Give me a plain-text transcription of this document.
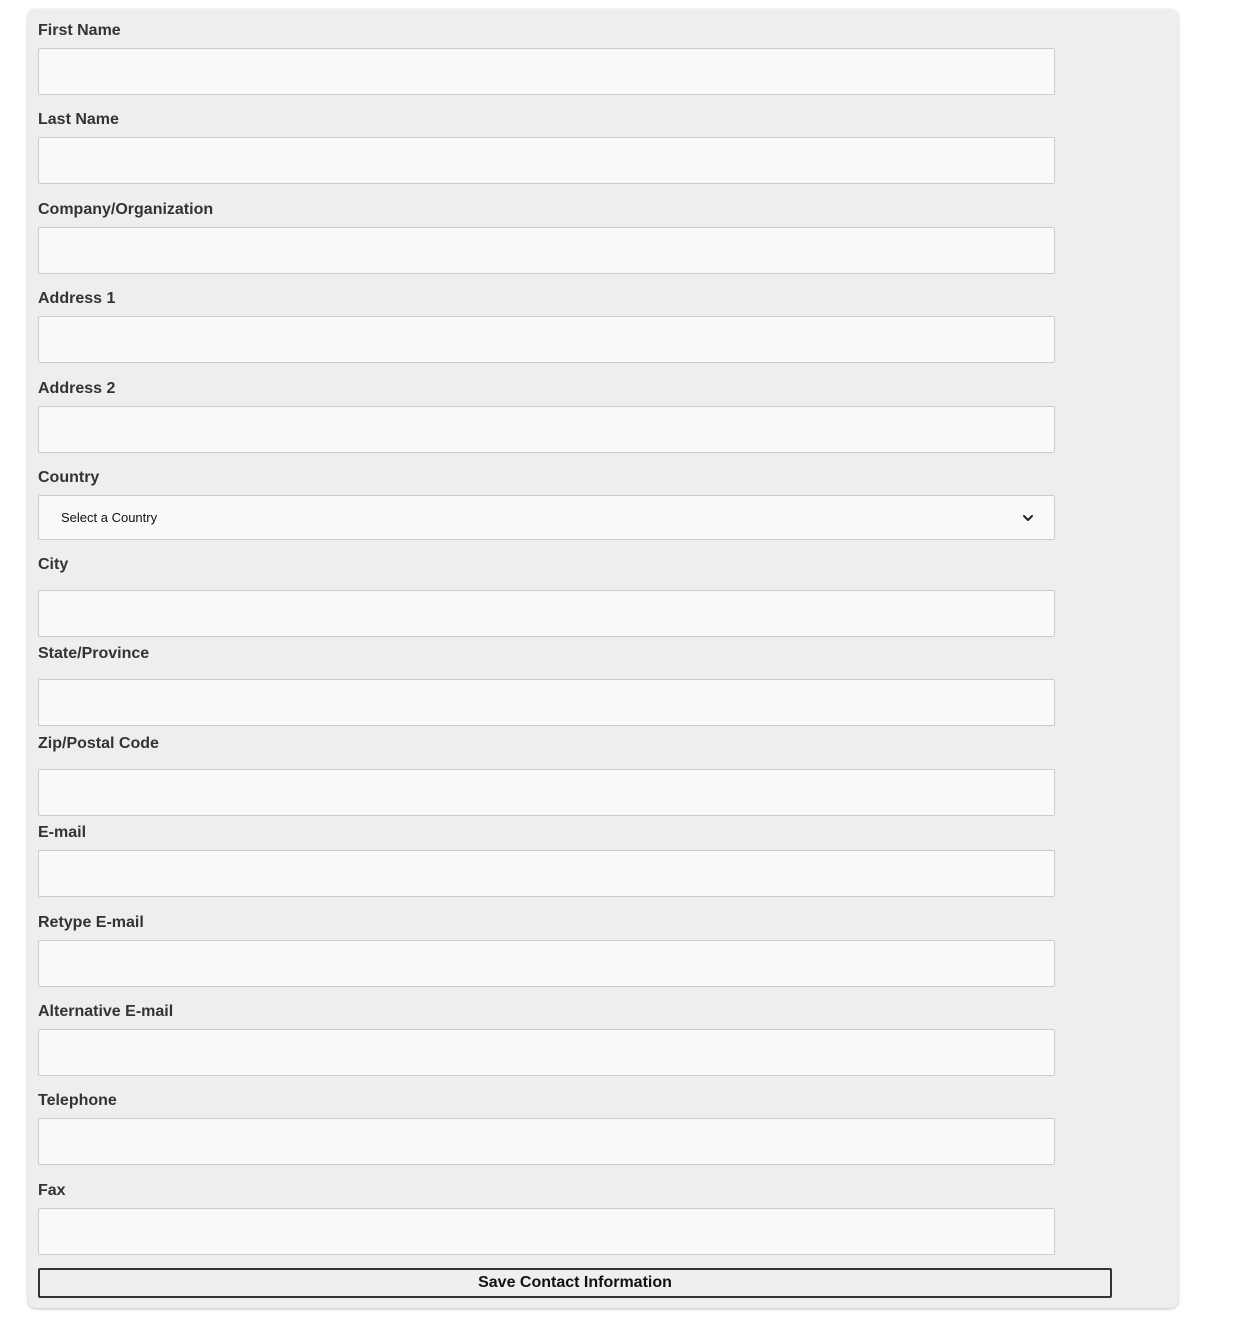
First Name
Last Name
Company/Organization
Address 1
Address 2
Country
Select a Country
City
State/Province
Zip/Postal Code
E-mail
Retype E-mail
Alternative E-mail
Telephone
Fax
Save Contact Information
